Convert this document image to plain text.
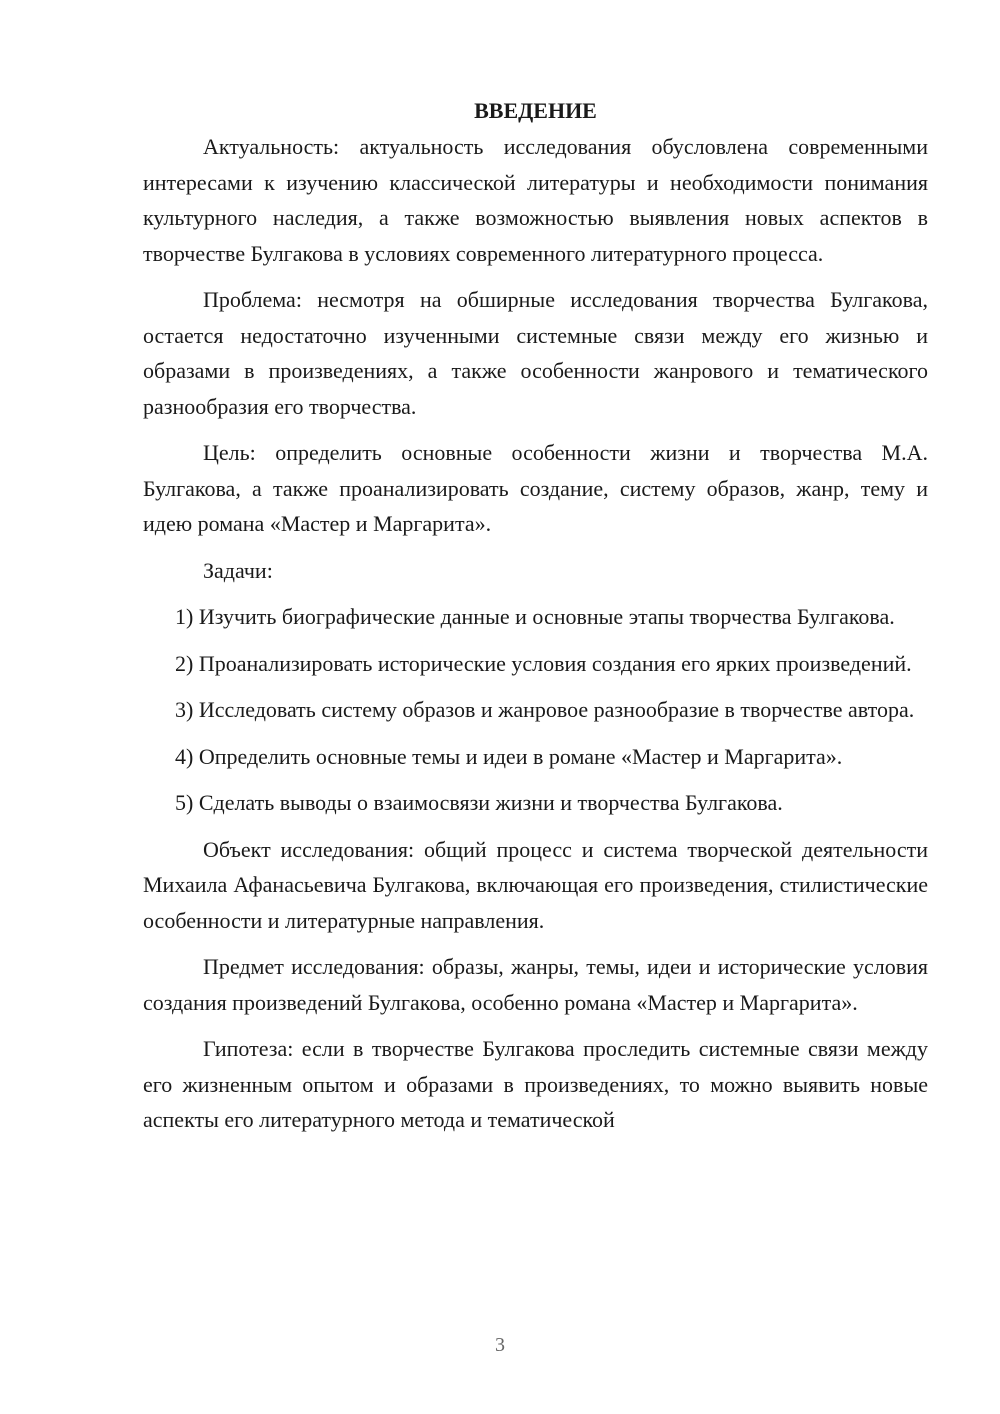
ВВЕДЕНИЕ

Актуальность: актуальность исследования обусловлена современными интересами к изучению классической литературы и необходимости понимания культурного наследия, а также возможностью выявления новых аспектов в творчестве Булгакова в условиях современного литературного процесса.

Проблема: несмотря на обширные исследования творчества Булгакова, остается недостаточно изученными системные связи между его жизнью и образами в произведениях, а также особенности жанрового и тематического разнообразия его творчества.

Цель: определить основные особенности жизни и творчества М.А. Булгакова, а также проанализировать создание, систему образов, жанр, тему и идею романа «Мастер и Маргарита».

Задачи:

1) Изучить биографические данные и основные этапы творчества Булгакова.

2) Проанализировать исторические условия создания его ярких произведений.

3) Исследовать систему образов и жанровое разнообразие в творчестве автора.

4) Определить основные темы и идеи в романе «Мастер и Маргарита».

5) Сделать выводы о взаимосвязи жизни и творчества Булгакова.

Объект исследования: общий процесс и система творческой деятельности Михаила Афанасьевича Булгакова, включающая его произведения, стилистические особенности и литературные направления.

Предмет исследования: образы, жанры, темы, идеи и исторические условия создания произведений Булгакова, особенно романа «Мастер и Маргарита».

Гипотеза: если в творчестве Булгакова проследить системные связи между его жизненным опытом и образами в произведениях, то можно выявить новые аспекты его литературного метода и тематической

3
